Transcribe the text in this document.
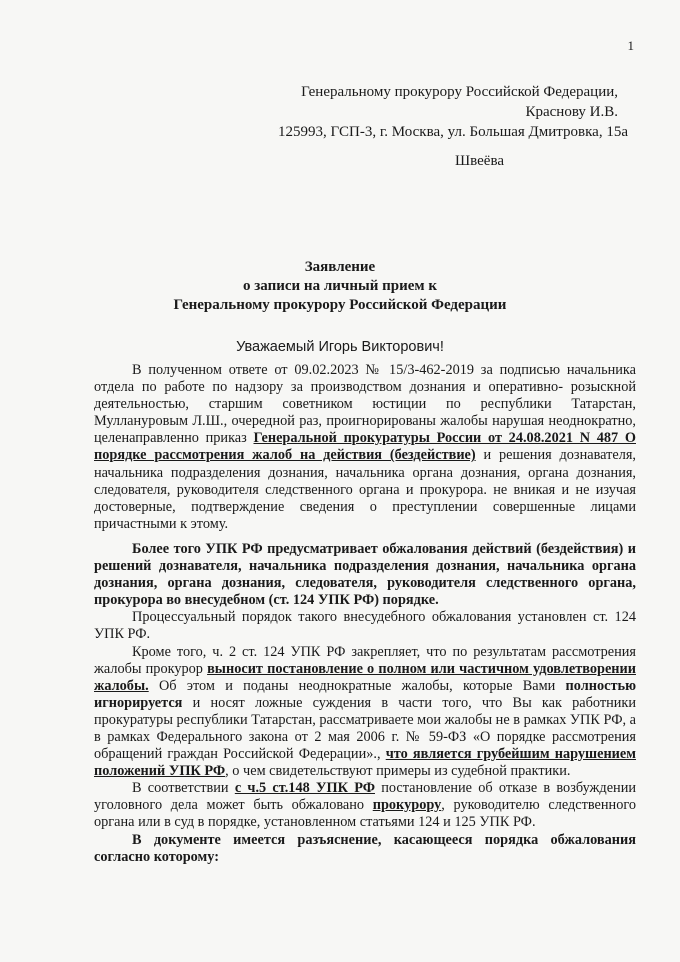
1
Генеральному прокурору Российской Федерации,
Краснову И.В.
125993, ГСП-3, г. Москва, ул. Большая Дмитровка, 15а
Швеёва
Заявление
о записи на личный прием к
Генеральному прокурору Российской Федерации
Уважаемый Игорь Викторович!

В полученном ответе от 09.02.2023 № 15/3-462-2019 за подписью начальника отдела по работе по надзору за производством дознания и оперативно- розыскной деятельностью, старшим советником юстиции по республики Татарстан, Муллануровым Л.Ш., очередной раз, проигнорированы жалобы нарушая неоднократно, целенаправленно приказ Генеральной прокуратуры России от 24.08.2021 N 487 О порядке рассмотрения жалоб на действия (бездействие) и решения дознавателя, начальника подразделения дознания, начальника органа дознания, органа дознания, следователя, руководителя следственного органа и прокурора. не вникая и не изучая достоверные, подтверждение сведения о преступлении совершенные лицами причастными к этому.

Более того УПК РФ предусматривает обжалования действий (бездействия) и решений дознавателя, начальника подразделения дознания, начальника органа дознания, органа дознания, следователя, руководителя следственного органа, прокурора во внесудебном (ст. 124 УПК РФ) порядке.

Процессуальный порядок такого внесудебного обжалования установлен ст. 124 УПК РФ.

Кроме того, ч. 2 ст. 124 УПК РФ закрепляет, что по результатам рассмотрения жалобы прокурор выносит постановление о полном или частичном удовлетворении жалобы. Об этом и поданы неоднократные жалобы, которые Вами полностью игнорируется и носят ложные суждения в части того, что Вы как работники прокуратуры республики Татарстан, рассматриваете мои жалобы не в рамках УПК РФ, а в рамках Федерального закона от 2 мая 2006 г. № 59-ФЗ «О порядке рассмотрения обращений граждан Российской Федерации»., что является грубейшим нарушением положений УПК РФ, о чем свидетельствуют примеры из судебной практики.

В соответствии с ч.5 ст.148 УПК РФ постановление об отказе в возбуждении уголовного дела может быть обжаловано прокурору, руководителю следственного органа или в суд в порядке, установленном статьями 124 и 125 УПК РФ.

В документе имеется разъяснение, касающееся порядка обжалования согласно которому:
